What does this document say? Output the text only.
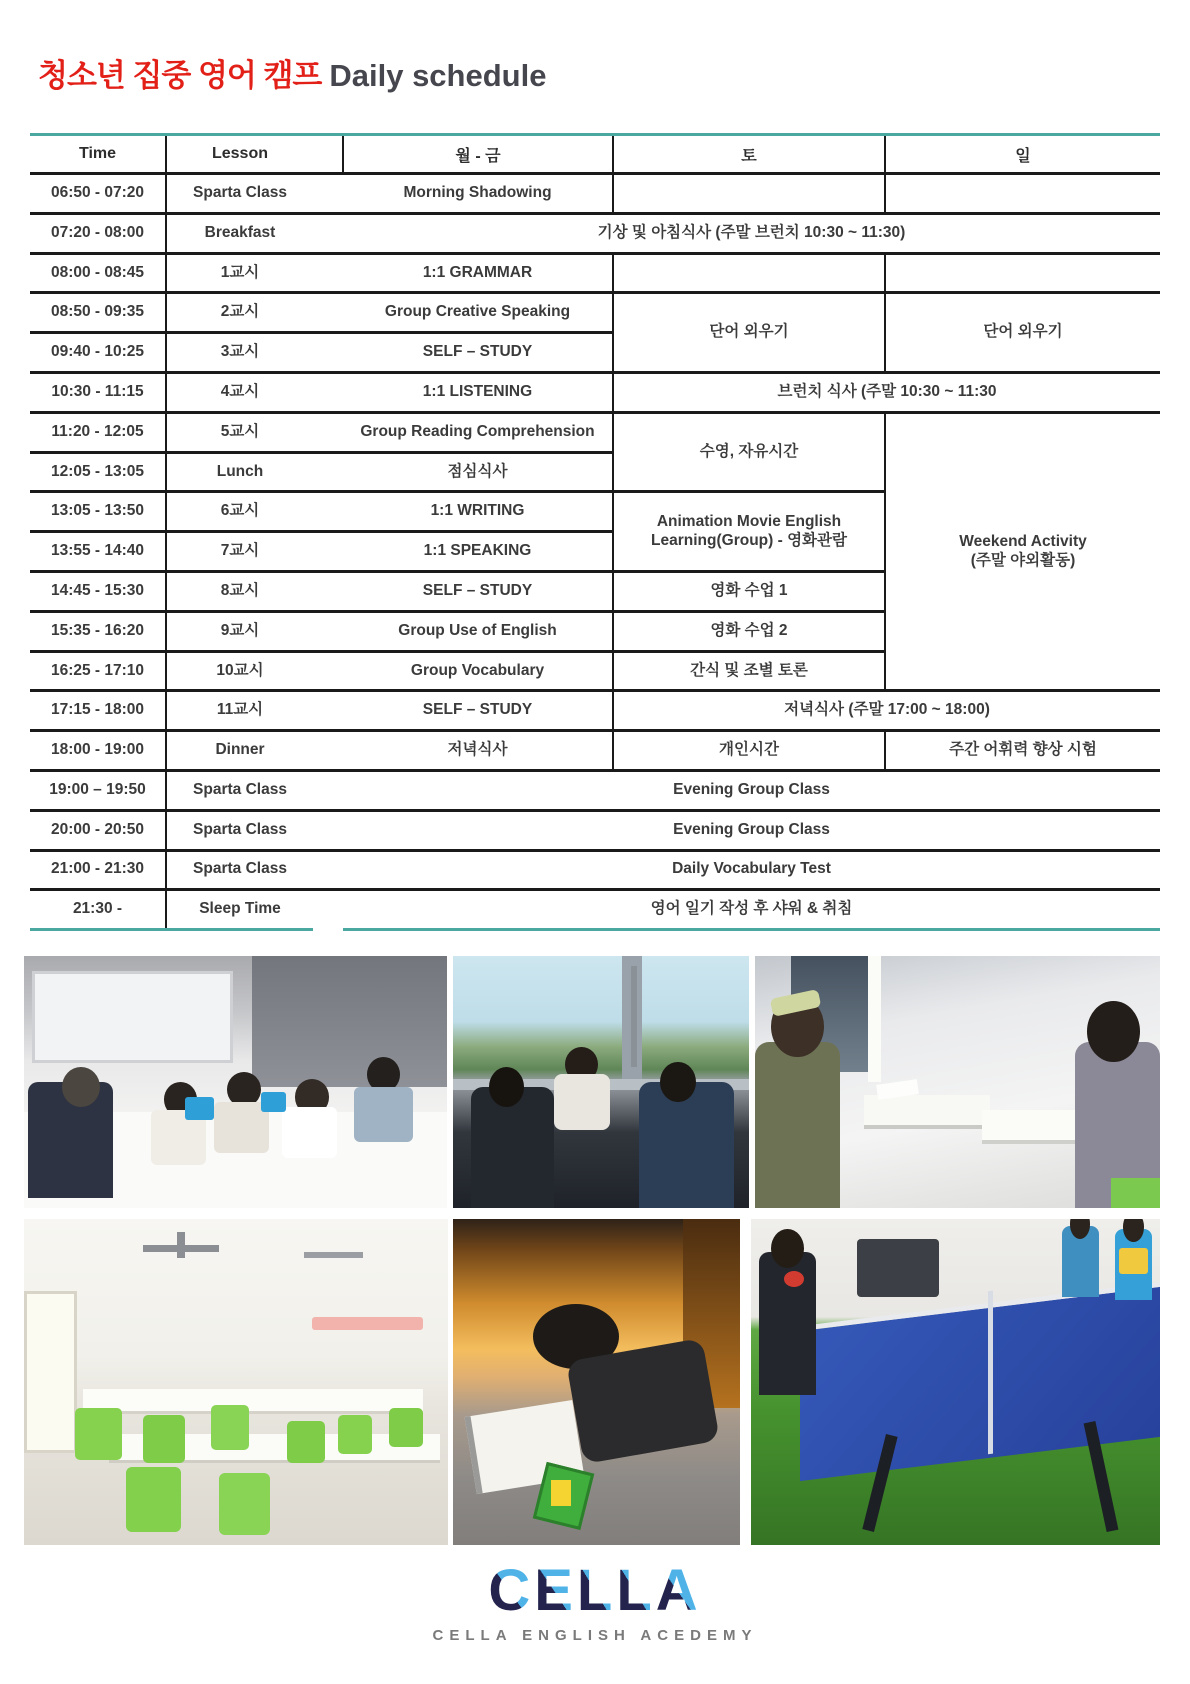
청소년 집중 영어 캠프 Daily schedule
Time	Lesson		월 - 금	토	일
06:50 - 07:20	Sparta Class		Morning Shadowing		
07:20 - 08:00	Breakfast		기상 및 아침식사 (주말 브런치 10:30 ~ 11:30)		
08:00 - 08:45	1교시		1:1 GRAMMAR		
08:50 - 09:35	2교시		Group Creative Speaking	단어 외우기	단어 외우기
09:40 - 10:25	3교시		SELF – STUDY		
10:30 - 11:15	4교시		1:1 LISTENING	브런치 식사 (주말 10:30 ~ 11:30	
11:20 - 12:05	5교시		Group Reading Comprehension	수영, 자유시간	Weekend Activity
(주말 야외활동)

12:05 - 13:05	Lunch		점심식사		
13:05 - 13:50	6교시		1:1 WRITING	Animation Movie English Learning(Group) - 영화관람	
13:55 - 14:40	7교시		1:1 SPEAKING		
14:45 - 15:30	8교시		SELF – STUDY	영화 수업 1	
15:35 - 16:20	9교시		Group Use of English	영화 수업 2	
16:25 - 17:10	10교시		Group Vocabulary	간식 및 조별 토론	
17:15 - 18:00	11교시		SELF – STUDY	저녁식사 (주말 17:00 ~ 18:00)	
18:00 - 19:00	Dinner		저녁식사	개인시간	주간 어휘력 향상 시험
19:00 – 19:50	Sparta Class		Evening Group Class		
20:00 - 20:50	Sparta Class		Evening Group Class		
21:00 - 21:30	Sparta Class		Daily Vocabulary Test		
21:30 -	Sleep Time		영어 일기 작성 후 샤워 & 취침		
CELLA
CELLA ENGLISH ACEDEMY
